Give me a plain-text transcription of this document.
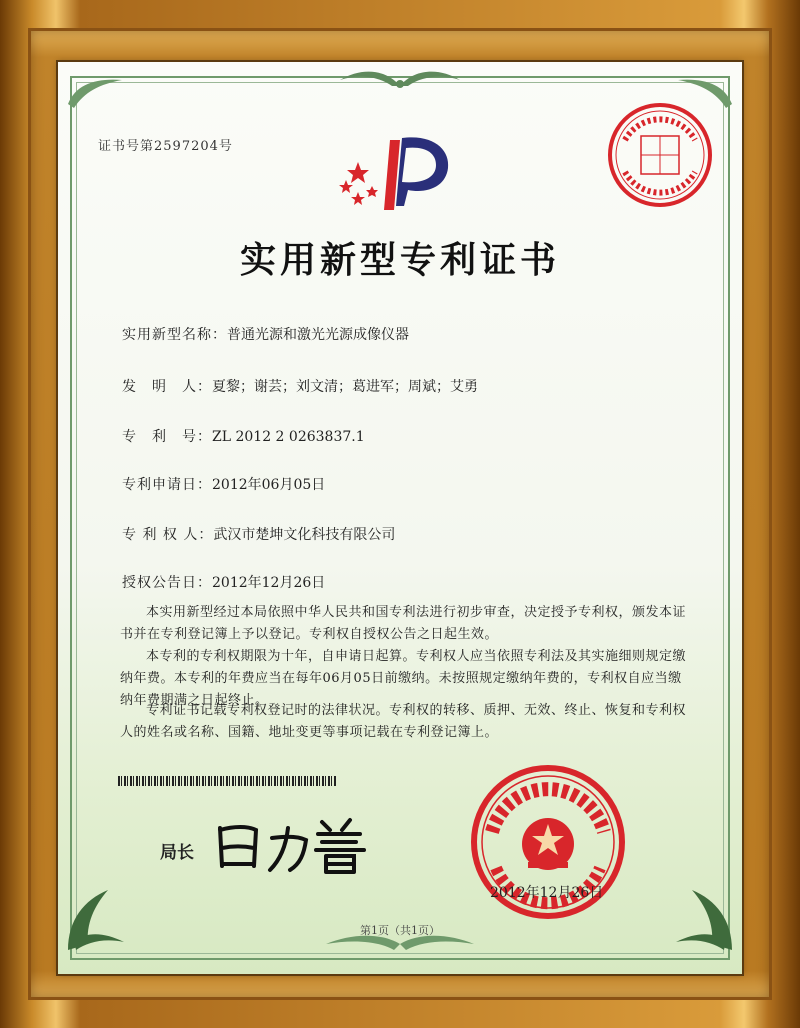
证书号第2597204号
实用新型专利证书
实用新型名称：普通光源和激光光源成像仪器
发　明　人：夏黎；谢芸；刘文清；葛进军；周斌；艾勇
专　利　号：ZL 2012 2 0263837.1
专利申请日：2012年06月05日
专 利 权 人：武汉市楚坤文化科技有限公司
授权公告日：2012年12月26日
本实用新型经过本局依照中华人民共和国专利法进行初步审查，决定授予专利权，颁发本证书并在专利登记簿上予以登记。专利权自授权公告之日起生效。
本专利的专利权期限为十年，自申请日起算。专利权人应当依照专利法及其实施细则规定缴纳年费。本专利的年费应当在每年06月05日前缴纳。未按照规定缴纳年费的，专利权自应当缴纳年费期满之日起终止。
专利证书记载专利权登记时的法律状况。专利权的转移、质押、无效、终止、恢复和专利权人的姓名或名称、国籍、地址变更等事项记载在专利登记簿上。
局长
2012年12月26日
第1页（共1页）
